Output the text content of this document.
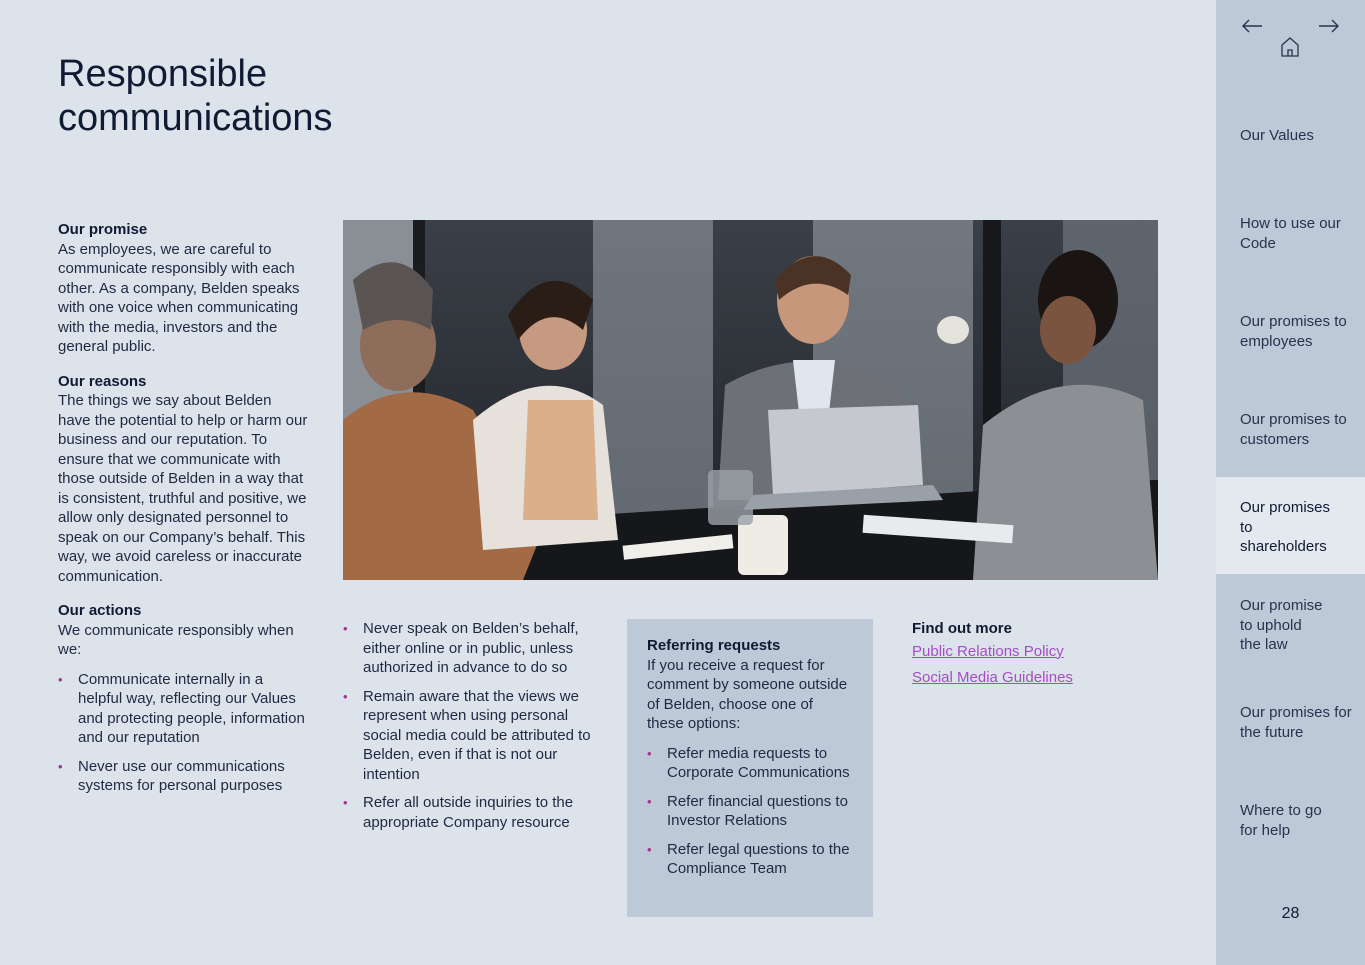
Responsible
communications
Our promise

As employees, we are careful to communicate responsibly with each other. As a company, Belden speaks with one voice when communicating with the media, investors and the general public.

Our reasons

The things we say about Belden have the potential to help or harm our business and our reputation. To ensure that we communicate with those outside of Belden in a way that is consistent, truthful and positive, we allow only designated personnel to speak on our Company’s behalf. This way, we avoid careless or inaccurate communication.

Our actions

We communicate responsibly when we:

• Communicate internally in a helpful way, reflecting our Values and protecting people, information and our reputation
• Never use our communications systems for personal purposes
• Never speak on Belden’s behalf, either online or in public, unless authorized in advance to do so
• Remain aware that the views we represent when using personal social media could be attributed to Belden, even if that is not our intention
• Refer all outside inquiries to the appropriate Company resource
Referring requests

If you receive a request for comment by someone outside of Belden, choose one of these options:

• Refer media requests to Corporate Communications
• Refer financial questions to Investor Relations
• Refer legal questions to the Compliance Team
Find out more
Public Relations Policy
Social Media Guidelines
Our Values
How to use our Code
Our promises to employees
Our promises to customers
Our promises to shareholders
Our promise to uphold the law
Our promises for the future
Where to go for help
28
